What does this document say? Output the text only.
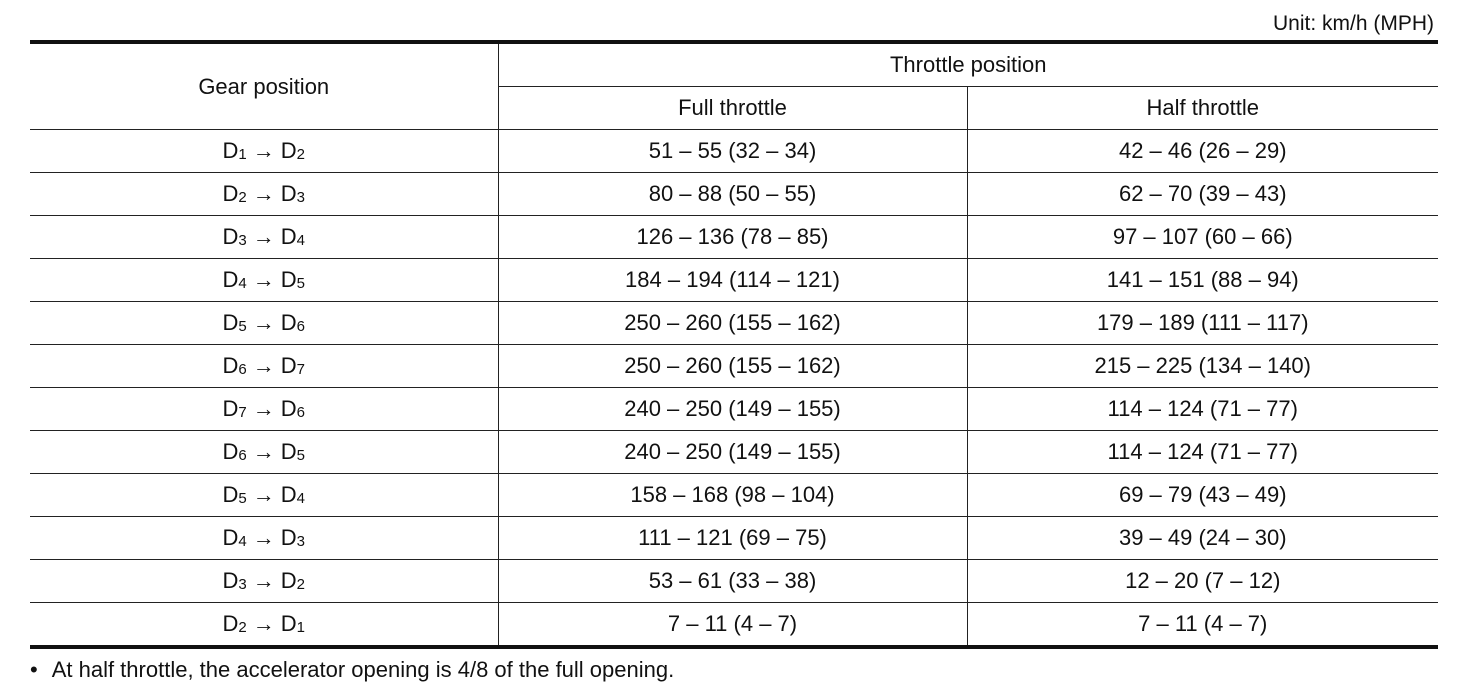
Unit: km/h (MPH)
Gear position	Throttle position	
	Full throttle	Half throttle
$D_1 \to D_2$	51 – 55 (32 – 34)	42 – 46 (26 – 29)
$D_2 \to D_3$	80 – 88 (50 – 55)	62 – 70 (39 – 43)
$D_3 \to D_4$	126 – 136 (78 – 85)	97 – 107 (60 – 66)
$D_4 \to D_5$	184 – 194 (114 – 121)	141 – 151 (88 – 94)
$D_5 \to D_6$	250 – 260 (155 – 162)	179 – 189 (111 – 117)
$D_6 \to D_7$	250 – 260 (155 – 162)	215 – 225 (134 – 140)
$D_7 \to D_6$	240 – 250 (149 – 155)	114 – 124 (71 – 77)
$D_6 \to D_5$	240 – 250 (149 – 155)	114 – 124 (71 – 77)
$D_5 \to D_4$	158 – 168 (98 – 104)	69 – 79 (43 – 49)
$D_4 \to D_3$	111 – 121 (69 – 75)	39 – 49 (24 – 30)
$D_3 \to D_2$	53 – 61 (33 – 38)	12 – 20 (7 – 12)
$D_2 \to D_1$	7 – 11 (4 – 7)	7 – 11 (4 – 7)
• At half throttle, the accelerator opening is 4/8 of the full opening.
